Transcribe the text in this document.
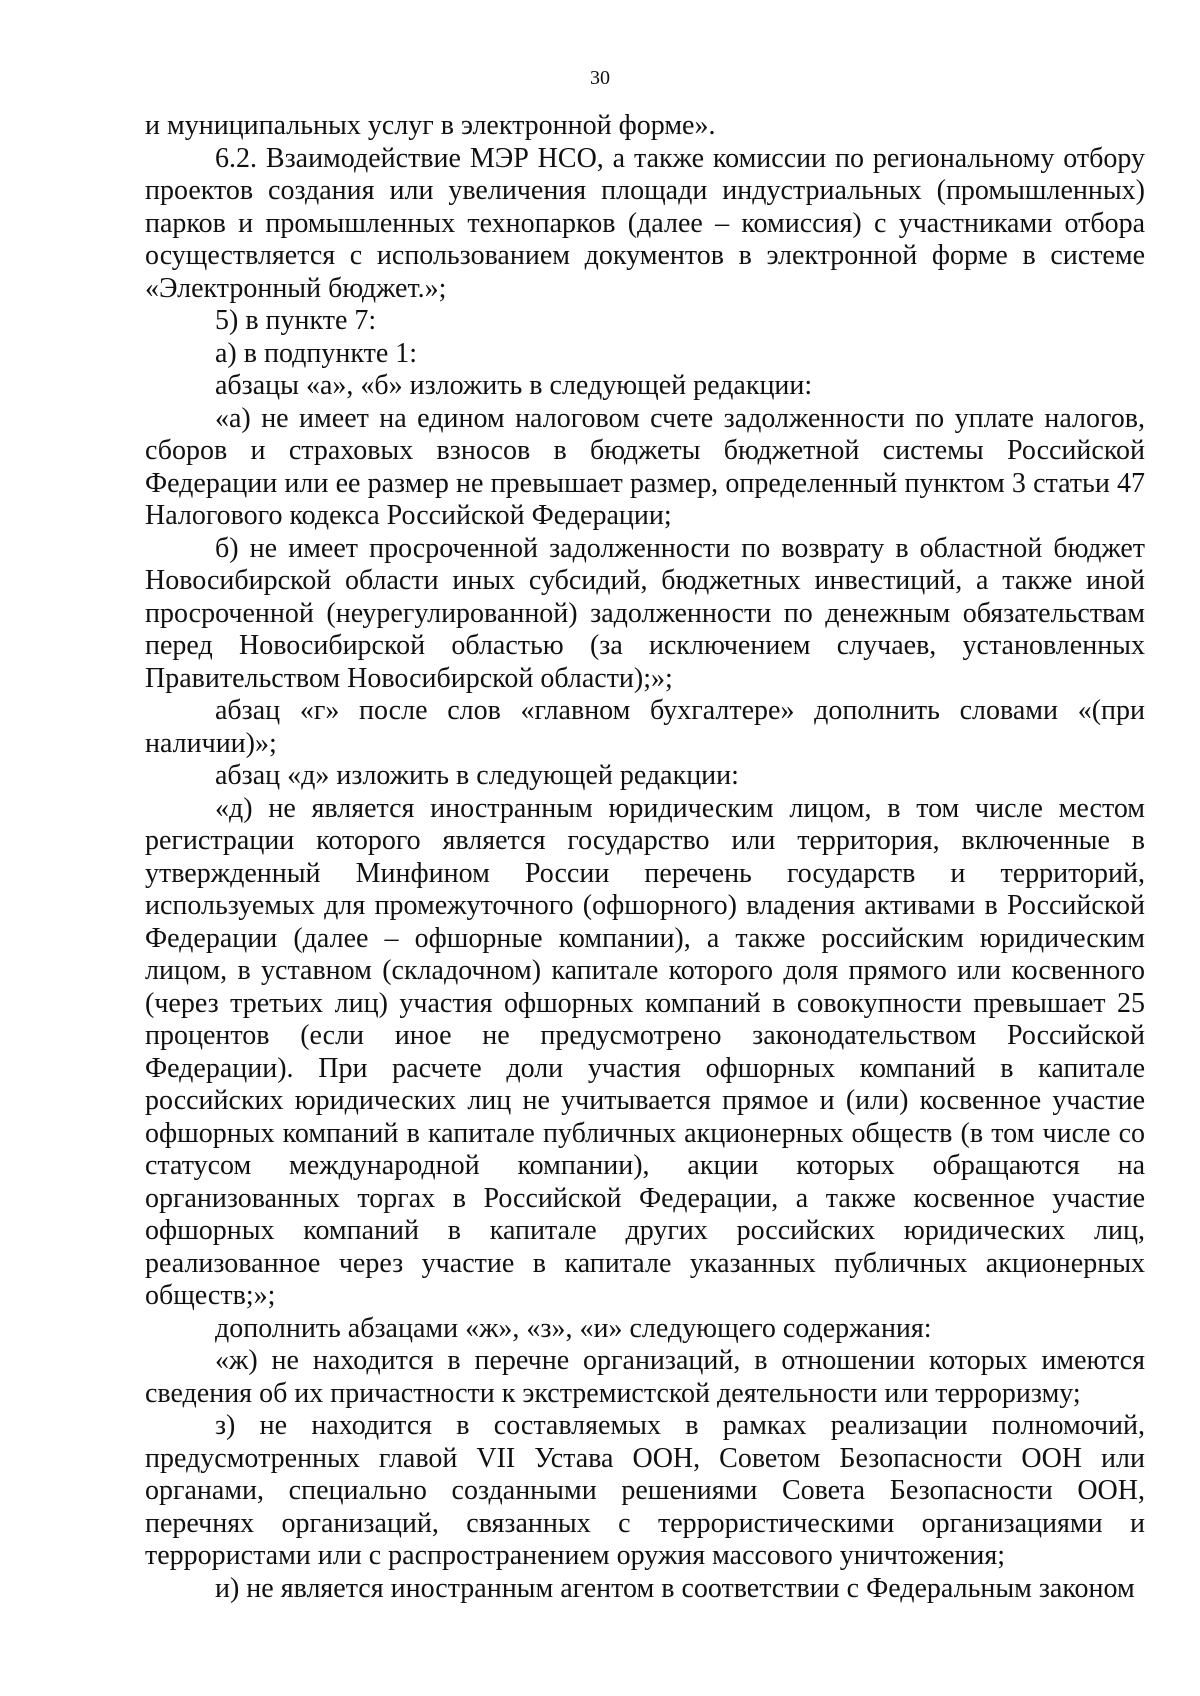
30

и муниципальных услуг в электронной форме».

6.2. Взаимодействие МЭР НСО, а также комиссии по региональному отбору проектов создания или увеличения площади индустриальных (промышленных) парков и промышленных технопарков (далее – комиссия) с участниками отбора осуществляется с использованием документов в электронной форме в системе «Электронный бюджет.»;

5) в пункте 7:

а) в подпункте 1:

абзацы «а», «б» изложить в следующей редакции:

«а) не имеет на едином налоговом счете задолженности по уплате налогов, сборов и страховых взносов в бюджеты бюджетной системы Российской Федерации или ее размер не превышает размер, определенный пунктом 3 статьи 47 Налогового кодекса Российской Федерации;

б) не имеет просроченной задолженности по возврату в областной бюджет Новосибирской области иных субсидий, бюджетных инвестиций, а также иной просроченной (неурегулированной) задолженности по денежным обязательствам перед Новосибирской областью (за исключением случаев, установленных Правительством Новосибирской области);»;

абзац «г» после слов «главном бухгалтере» дополнить словами «(при наличии)»;

абзац «д» изложить в следующей редакции:

«д) не является иностранным юридическим лицом, в том числе местом регистрации которого является государство или территория, включенные в утвержденный Минфином России перечень государств и территорий, используемых для промежуточного (офшорного) владения активами в Российской Федерации (далее – офшорные компании), а также российским юридическим лицом, в уставном (складочном) капитале которого доля прямого или косвенного (через третьих лиц) участия офшорных компаний в совокупности превышает 25 процентов (если иное не предусмотрено законодательством Российской Федерации). При расчете доли участия офшорных компаний в капитале российских юридических лиц не учитывается прямое и (или) косвенное участие офшорных компаний в капитале публичных акционерных обществ (в том числе со статусом международной компании), акции которых обращаются на организованных торгах в Российской Федерации, а также косвенное участие офшорных компаний в капитале других российских юридических лиц, реализованное через участие в капитале указанных публичных акционерных обществ;»;

дополнить абзацами «ж», «з», «и» следующего содержания:

«ж) не находится в перечне организаций, в отношении которых имеются сведения об их причастности к экстремистской деятельности или терроризму;

з) не находится в составляемых в рамках реализации полномочий, предусмотренных главой VII Устава ООН, Советом Безопасности ООН или органами, специально созданными решениями Совета Безопасности ООН, перечнях организаций, связанных с террористическими организациями и террористами или с распространением оружия массового уничтожения;

и) не является иностранным агентом в соответствии с Федеральным законом
